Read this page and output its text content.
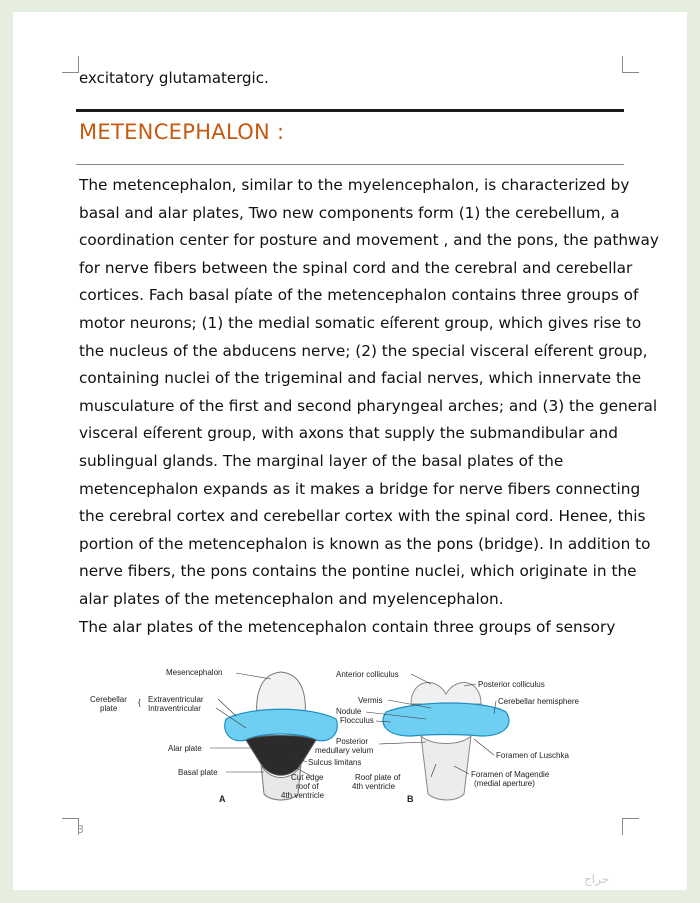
excitatory glutamatergic.
METENCEPHALON :
The metencephalon, similar to the myelencephalon, is characterized by
basal and alar plates, Two new components form (1) the cerebellum, a
coordination center for posture and movement , and the pons, the pathway
for nerve fibers between the spinal cord and the cerebral and cerebellar
cortices. Fach basal píate of the metencephalon contains three groups of
motor neurons; (1) the medial somatic eíferent group, which gives rise to
the nucleus of the abducens nerve; (2) the special visceral eíferent group,
containing nuclei of the trigeminal and facial nerves, which innervate the
musculature of the first and second pharyngeal arches; and (3) the general
visceral eíferent group, with axons that supply the submandibular and
sublingual glands. The marginal layer of the basal plates of the
metencephalon expands as it makes a bridge for nerve fibers connecting
the cerebral cortex and cerebellar cortex with the spinal cord. Henee, this
portion of the metencephalon is known as the pons (bridge). In addition to
nerve fibers, the pons contains the pontine nuclei, which originate in the
alar plates of the metencephalon and myelencephalon.
The alar plates of the metencephalon contain three groups of sensory
Mesencephalon
Cerebellar
plate
{ Extraventricular
Intraventricular
Alar plate
Basal plate
Sulcus limitans
Cut edge
roof of
4th ventricle
A
Anterior colliculus
Posterior colliculus
Vermis	Cerebellar hemisphere
Nodule
Flocculus
Posterior
medullary velum
Foramen of Luschka
Roof plate of
4th ventricle
Foramen of Magendie
(medial aperture)
B
3
حراج
